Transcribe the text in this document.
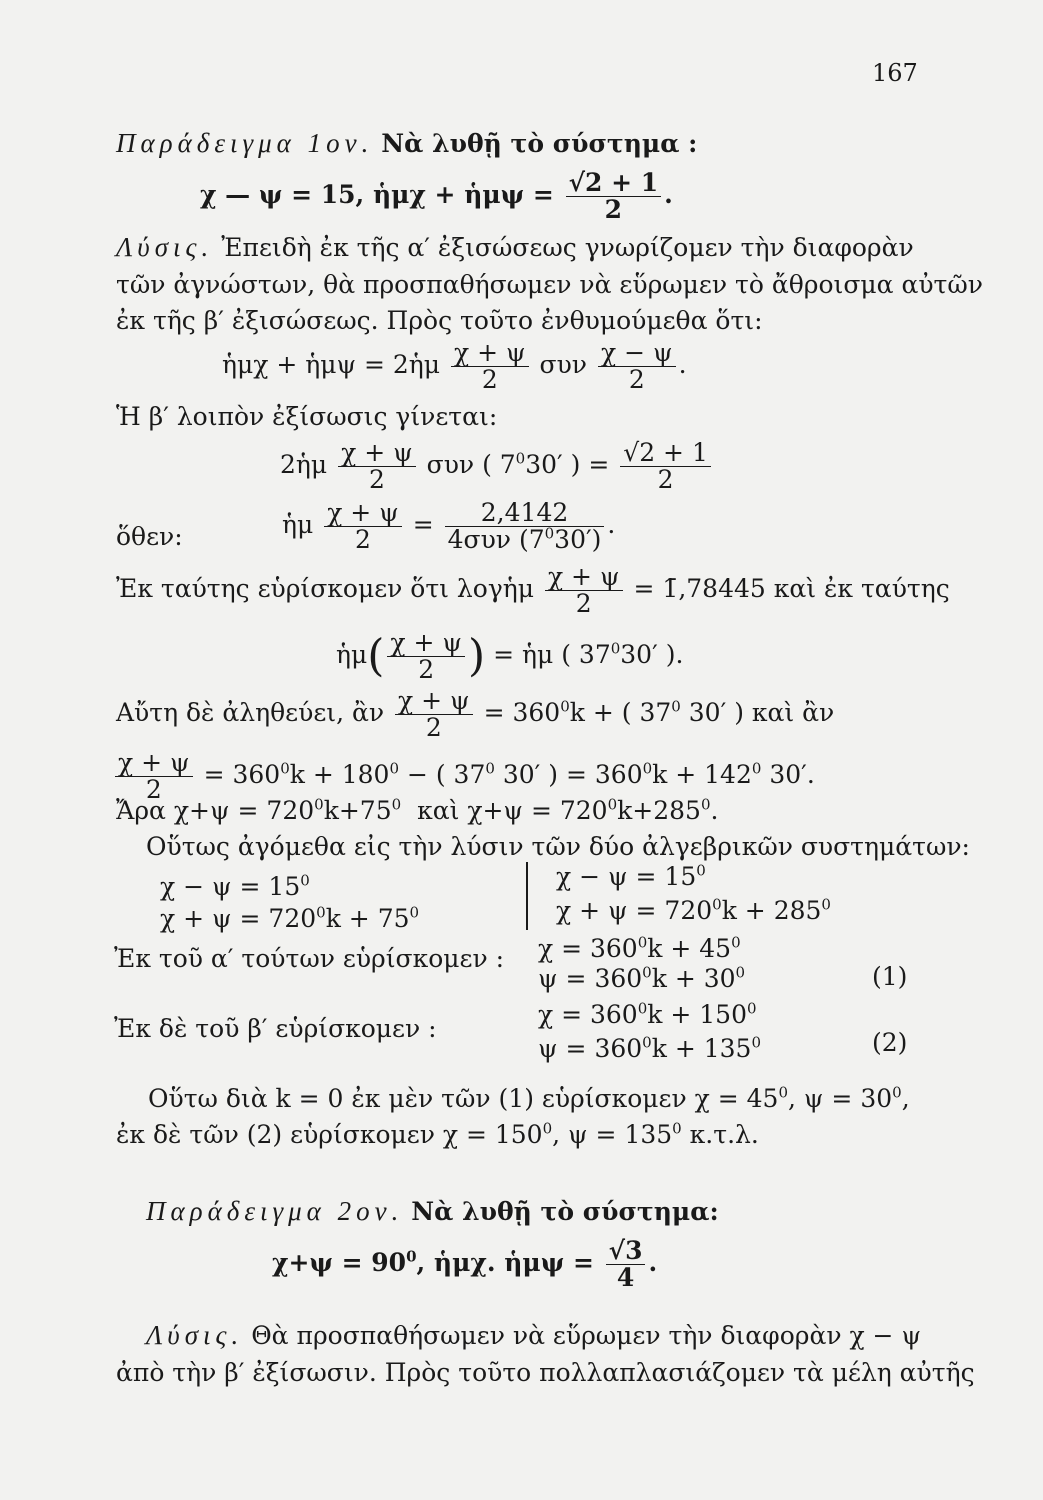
167
Παράδειγμα 1ον. Νὰ λυθῇ τὸ σύστημα :
χ — ψ = 15, ἡμχ + ἡμψ = $\frac{√2 + 1}{2}$ .
Λύσις. Ἐπειδὴ ἐκ τῆς α′ ἐξισώσεως γνωρίζομεν τὴν διαφορὰν
τῶν ἀγνώστων, θὰ προσπαθήσωμεν νὰ εὕρωμεν τὸ ἄθροισμα αὐτῶν
ἐκ τῆς β′ ἐξισώσεως. Πρὸς τοῦτο ἐνθυμούμεθα ὅτι:
ἡμχ + ἡμψ = 2ἡμ $\frac{\chi + \psi}{2}$ συν $\frac{\chi - \psi}{2}$ .
Ἡ β′ λοιπὸν ἐξίσωσις γίνεται:
2ἡμ $\frac{\chi + \psi}{2}$ συν ( $7^030'$ ) = $\frac{√2 + 1}{2}$
ὅθεν:	ἡμ $\frac{\chi + \psi}{2} = \frac{2,4142}{4\sigma\upsilon\nu (7^030')}$ .
Ἐκ ταύτης εὑρίσκομεν ὅτι λογἡμ $\frac{\chi + \psi}{2}$ = 1̄,78445 καὶ ἐκ ταύτης
ἡμ( $\frac{\chi + \psi}{2}$ ) = ἡμ ( $37^030'$ ).
Αὔτη δὲ ἀληθεύει, ἂν $\frac{\chi + \psi}{2} = 360^0k$ + ( $37^0$ 30′ ) καὶ ἂν
$\frac{\chi + \psi}{2} = 360^0k + 180^0$ − ( $37^0$ 30′ ) = $360^0k + 142^0$ 30′.
Ἄρα $\chi+\psi = 720^0k+75^0$ καὶ $\chi+\psi = 720^0k+285^0$.
Οὕτως ἀγόμεθα εἰς τὴν λύσιν τῶν δύο ἀλγεβρικῶν συστημάτων:
$\chi - \psi = 15^0$
$\chi + \psi = 720^0k + 75^0$
$\chi - \psi = 15^0$
$\chi + \psi = 720^0k + 285^0$
Ἐκ τοῦ α′ τούτων εὑρίσκομεν : $\chi = 360^0k + 45^0$
$\psi = 360^0k + 30^0$	(1)
Ἐκ δὲ τοῦ β′ εὑρίσκομεν :	$\chi = 360^0k + 150^0$
$\psi = 360^0k + 135^0$	(2)
Οὕτω διὰ k = 0 ἐκ μὲν τῶν (1) εὑρίσκομεν $\chi = 45^0$, $\psi = 30^0$,
ἐκ δὲ τῶν (2) εὑρίσκομεν $\chi = 150^0$, $\psi = 135^0$ κ.τ.λ.
Παράδειγμα 2ον. Νὰ λυθῇ τὸ σύστημα:
$\chi+\psi = 90^0$, ἡμχ. ἡμψ = $\frac{√3}{4}$ .
Λύσις. Θὰ προσπαθήσωμεν νὰ εὕρωμεν τὴν διαφορὰν χ − ψ
ἀπὸ τὴν β′ ἐξίσωσιν. Πρὸς τοῦτο πολλαπλασιάζομεν τὰ μέλη αὐτῆς
